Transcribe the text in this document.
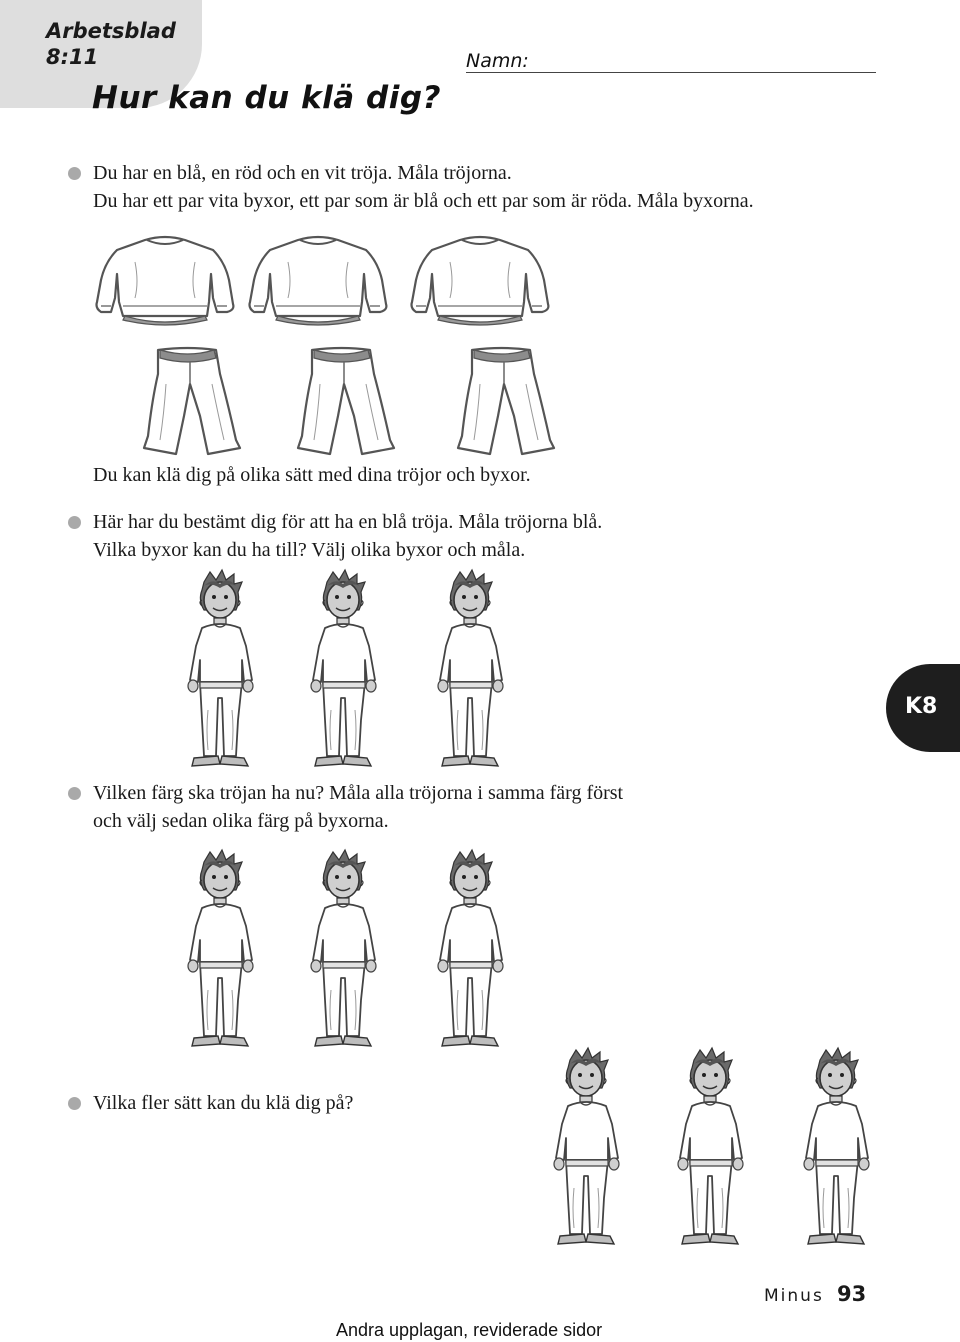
Arbetsblad
8:11
Hur kan du klä dig?
Namn:
Du har en blå, en röd och en vit tröja. Måla tröjorna.
Du har ett par vita byxor, ett par som är blå och ett par som är röda. Måla byxorna.
Du kan klä dig på olika sätt med dina tröjor och byxor.
Här har du bestämt dig för att ha en blå tröja. Måla tröjorna blå.
Vilka byxor kan du ha till? Välj olika byxor och måla.
K8
Vilken färg ska tröjan ha nu? Måla alla tröjorna i samma färg först
och välj sedan olika färg på byxorna.
Vilka fler sätt kan du klä dig på?
Minus 93
Andra upplagan, reviderade sidor
